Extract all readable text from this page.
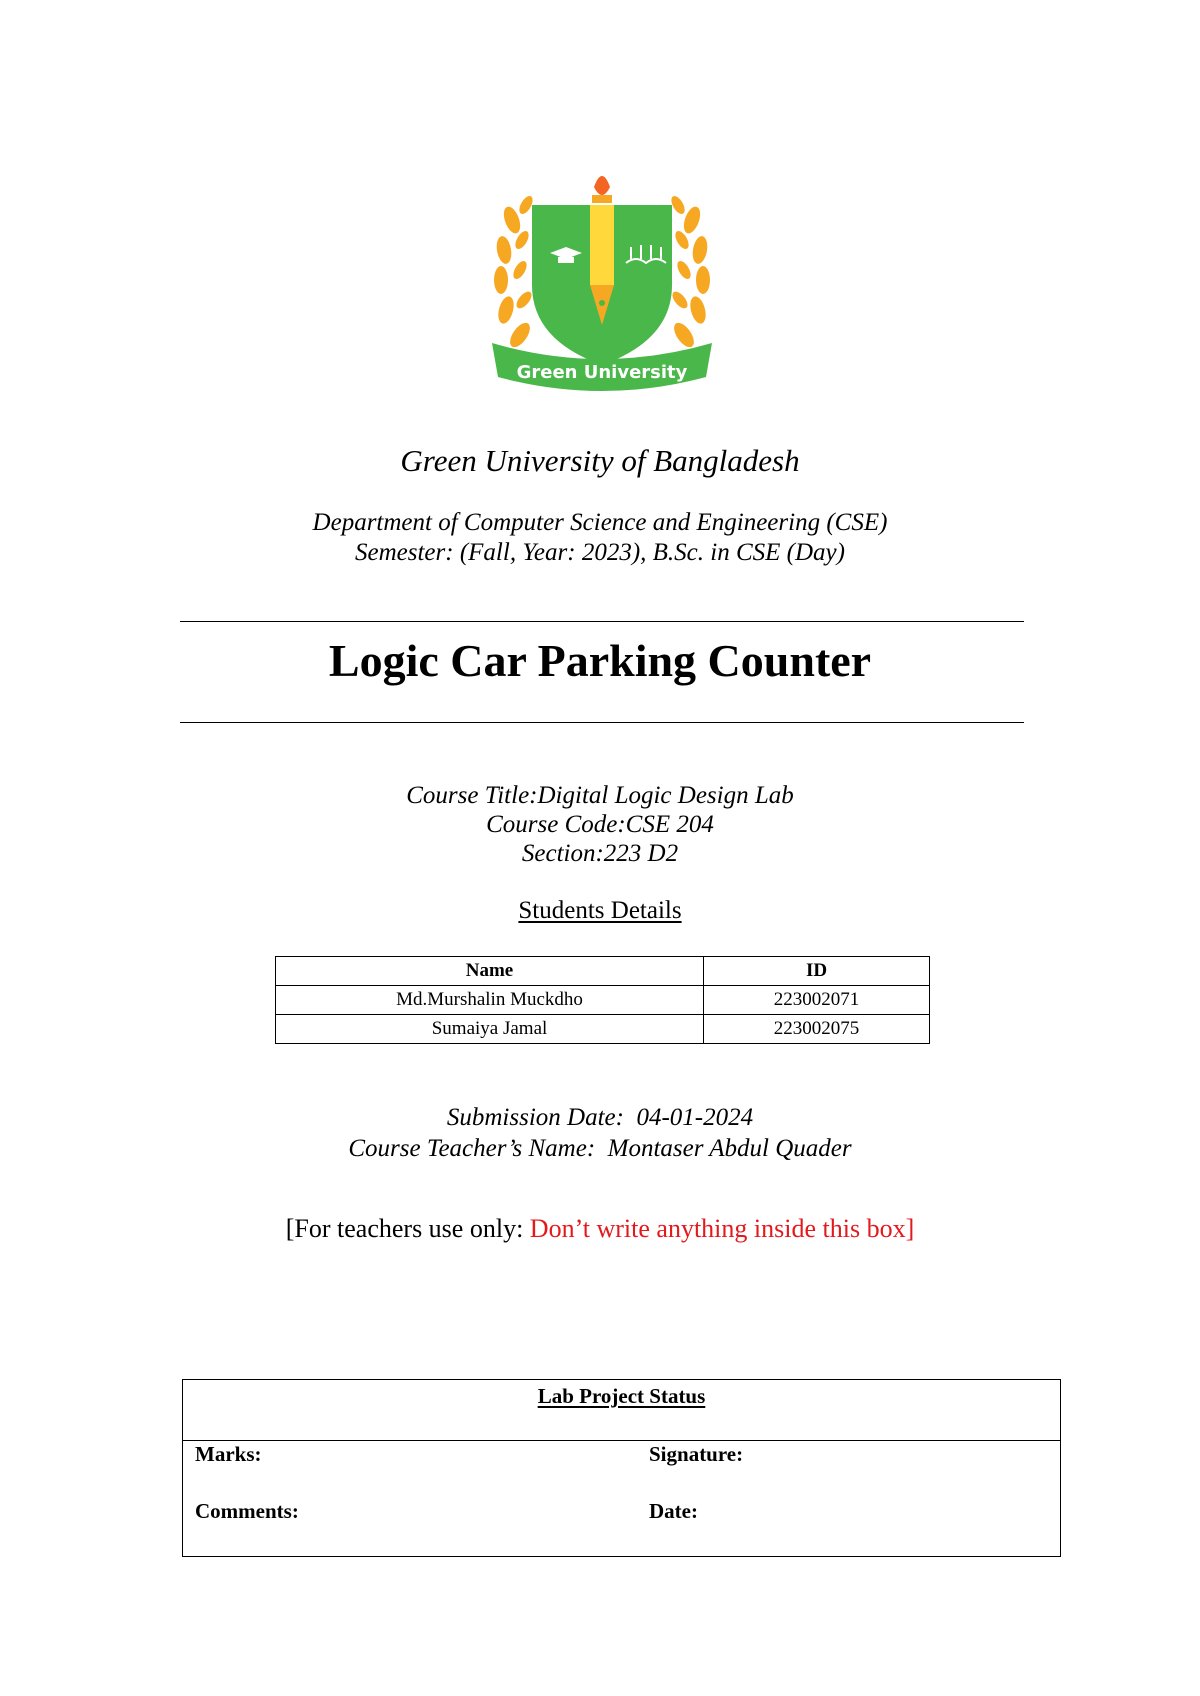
Green University
Green University of Bangladesh
Department of Computer Science and Engineering (CSE)
Semester: (Fall, Year: 2023), B.Sc. in CSE (Day)
Logic Car Parking Counter
Course Title:Digital Logic Design Lab
Course Code:CSE 204
Section:223 D2
Students Details
Name	ID
Md.Murshalin Muckdho	223002071
Sumaiya Jamal	223002075
Submission Date:  04-01-2024
Course Teacher’s Name:  Montaser Abdul Quader
[For teachers use only: Don’t write anything inside this box]
Lab Project Status
Marks:	Signature:
Comments:	Date:
